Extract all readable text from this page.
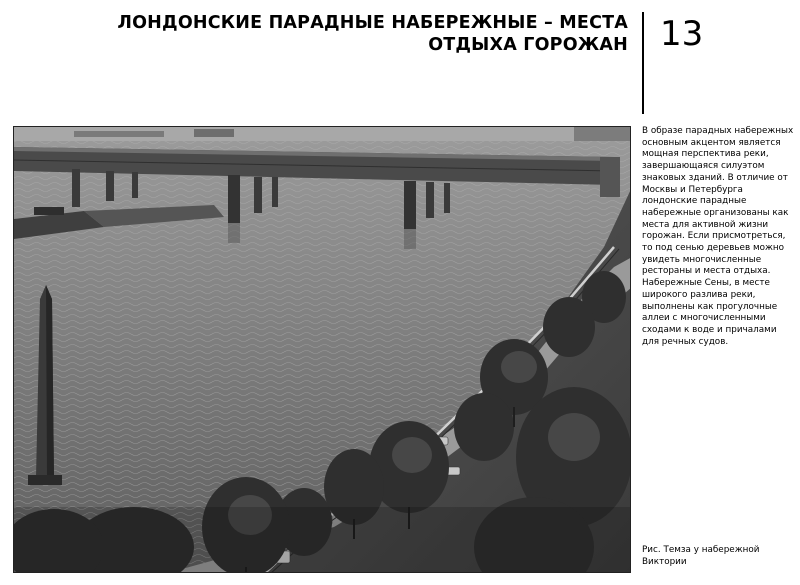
ЛОНДОНСКИЕ ПАРАДНЫЕ НАБЕРЕЖНЫЕ – МЕСТА ОТДЫХА ГОРОЖАН 13
В образе парадных набережных основным акцентом является мощная перспектива реки, завершающаяся силуэтом знаковых зданий. В отличие от Москвы и Петербурга лондонские парадные набережные организованы как места для активной жизни горожан. Если присмотреться, то под сенью деревьев можно увидеть многочисленные рестораны и места отдыха. Набережные Сены, в месте широкого разлива реки, выполнены как прогулочные аллеи с многочисленными сходами к воде и причалами для речных судов.
Рис. Темза у набережной Виктории
